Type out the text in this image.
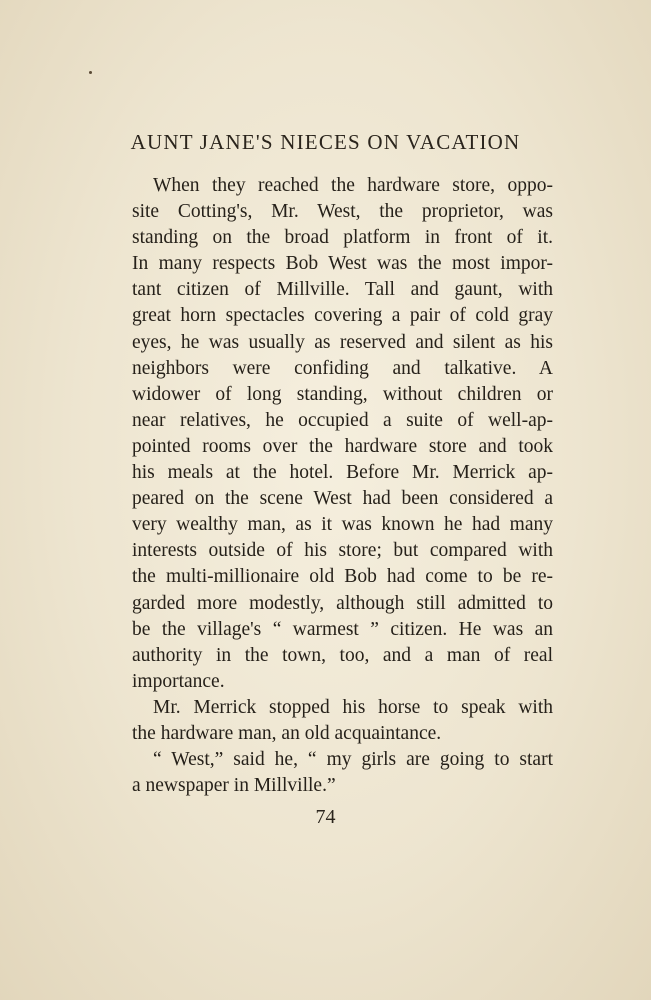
AUNT JANE'S NIECES ON VACATION
When they reached the hardware store, oppo-
site Cotting's, Mr. West, the proprietor, was
standing on the broad platform in front of it.
In many respects Bob West was the most impor-
tant citizen of Millville. Tall and gaunt, with
great horn spectacles covering a pair of cold gray
eyes, he was usually as reserved and silent as his
neighbors were confiding and talkative. A
widower of long standing, without children or
near relatives, he occupied a suite of well-ap-
pointed rooms over the hardware store and took
his meals at the hotel. Before Mr. Merrick ap-
peared on the scene West had been considered a
very wealthy man, as it was known he had many
interests outside of his store; but compared with
the multi-millionaire old Bob had come to be re-
garded more modestly, although still admitted to
be the village's “ warmest ” citizen. He was an
authority in the town, too, and a man of real
importance.
Mr. Merrick stopped his horse to speak with
the hardware man, an old acquaintance.
“ West,” said he, “ my girls are going to start
a newspaper in Millville.”
74
